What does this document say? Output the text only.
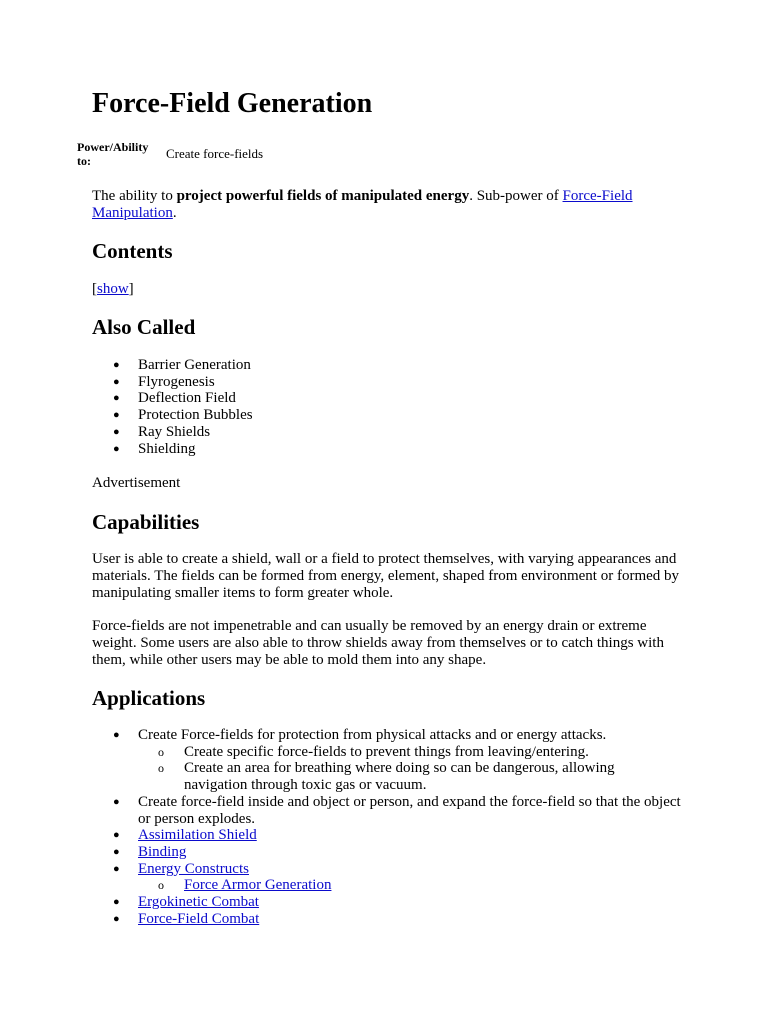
Force-Field Generation
Power/Ability to:	Create force-fields

The ability to project powerful fields of manipulated energy. Sub-power of Force-Field Manipulation.

Contents
[show]
Also Called
● Barrier Generation
● Flyrogenesis
● Deflection Field
● Protection Bubbles
● Ray Shields
● Shielding
Advertisement
Capabilities

User is able to create a shield, wall or a field to protect themselves, with varying appearances and materials. The fields can be formed from energy, element, shaped from environment or formed by manipulating smaller items to form greater whole.

Force-fields are not impenetrable and can usually be removed by an energy drain or extreme weight. Some users are also able to throw shields away from themselves or to catch things with them, while other users may be able to mold them into any shape.

Applications
● Create Force-fields for protection from physical attacks and or energy attacks.
o Create specific force-fields to prevent things from leaving/entering.
o Create an area for breathing where doing so can be dangerous, allowing navigation through toxic gas or vacuum.
● Create force-field inside and object or person, and expand the force-field so that the object or person explodes.
● Assimilation Shield
● Binding
● Energy Constructs
o Force Armor Generation
● Ergokinetic Combat
● Force-Field Combat
